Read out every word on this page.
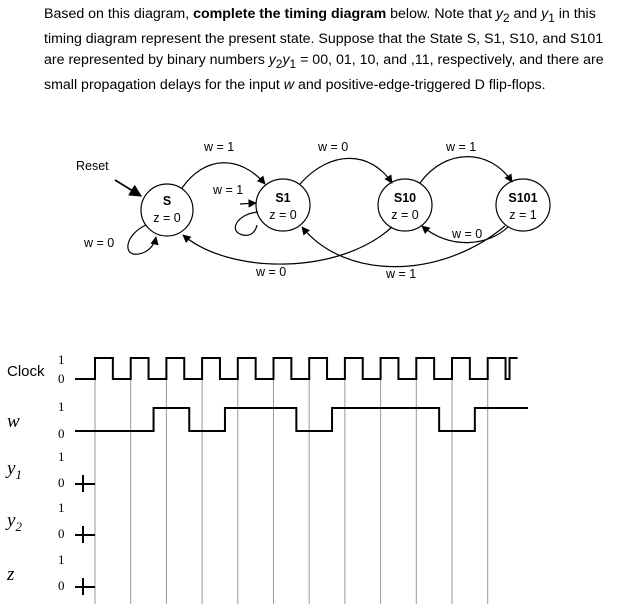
Based on this diagram, complete the timing diagram below. Note that $y_2$ and $y_1$ in this timing diagram represent the present state. Suppose that the State S, S1, S10, and S101 are represented by binary numbers $y_2y_1 = 00$, 01, 10, and ,11, respectively, and there are small propagation delays for the input w and positive-edge-triggered D flip-flops.
Reset
S
z = 0
S1
z = 0
S10
z = 0
S101
z = 1
w = 0
w = 1
w = 1
w = 0	w = 1
w = 0	w = 1
w = 0
Clock
w
$y_1$
$y_2$
z
1
0
1
0
1
0
1
0
1
0
